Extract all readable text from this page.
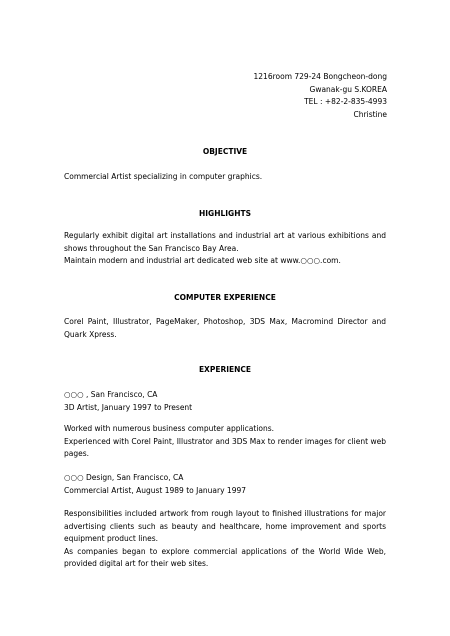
1216room 729-24 Bongcheon-dong
Gwanak-gu S.KOREA
TEL : +82-2-835-4993
Christine
OBJECTIVE

Commercial Artist specializing in computer graphics.

HIGHLIGHTS

Regularly exhibit digital art installations and industrial art at various exhibitions and shows throughout the San Francisco Bay Area.

Maintain modern and industrial art dedicated web site at www.○○○.com.

COMPUTER EXPERIENCE

Corel Paint, Illustrator, PageMaker, Photoshop, 3DS Max, Macromind Director and Quark Xpress.

EXPERIENCE

○○○ , San Francisco, CA

3D Artist, January 1997 to Present

Worked with numerous business computer applications.

Experienced with Corel Paint, Illustrator and 3DS Max to render images for client web pages.

○○○ Design, San Francisco, CA

Commercial Artist, August 1989 to January 1997

Responsibilities included artwork from rough layout to finished illustrations for major advertising clients such as beauty and healthcare, home improvement and sports equipment product lines.

As companies began to explore commercial applications of the World Wide Web, provided digital art for their web sites.
